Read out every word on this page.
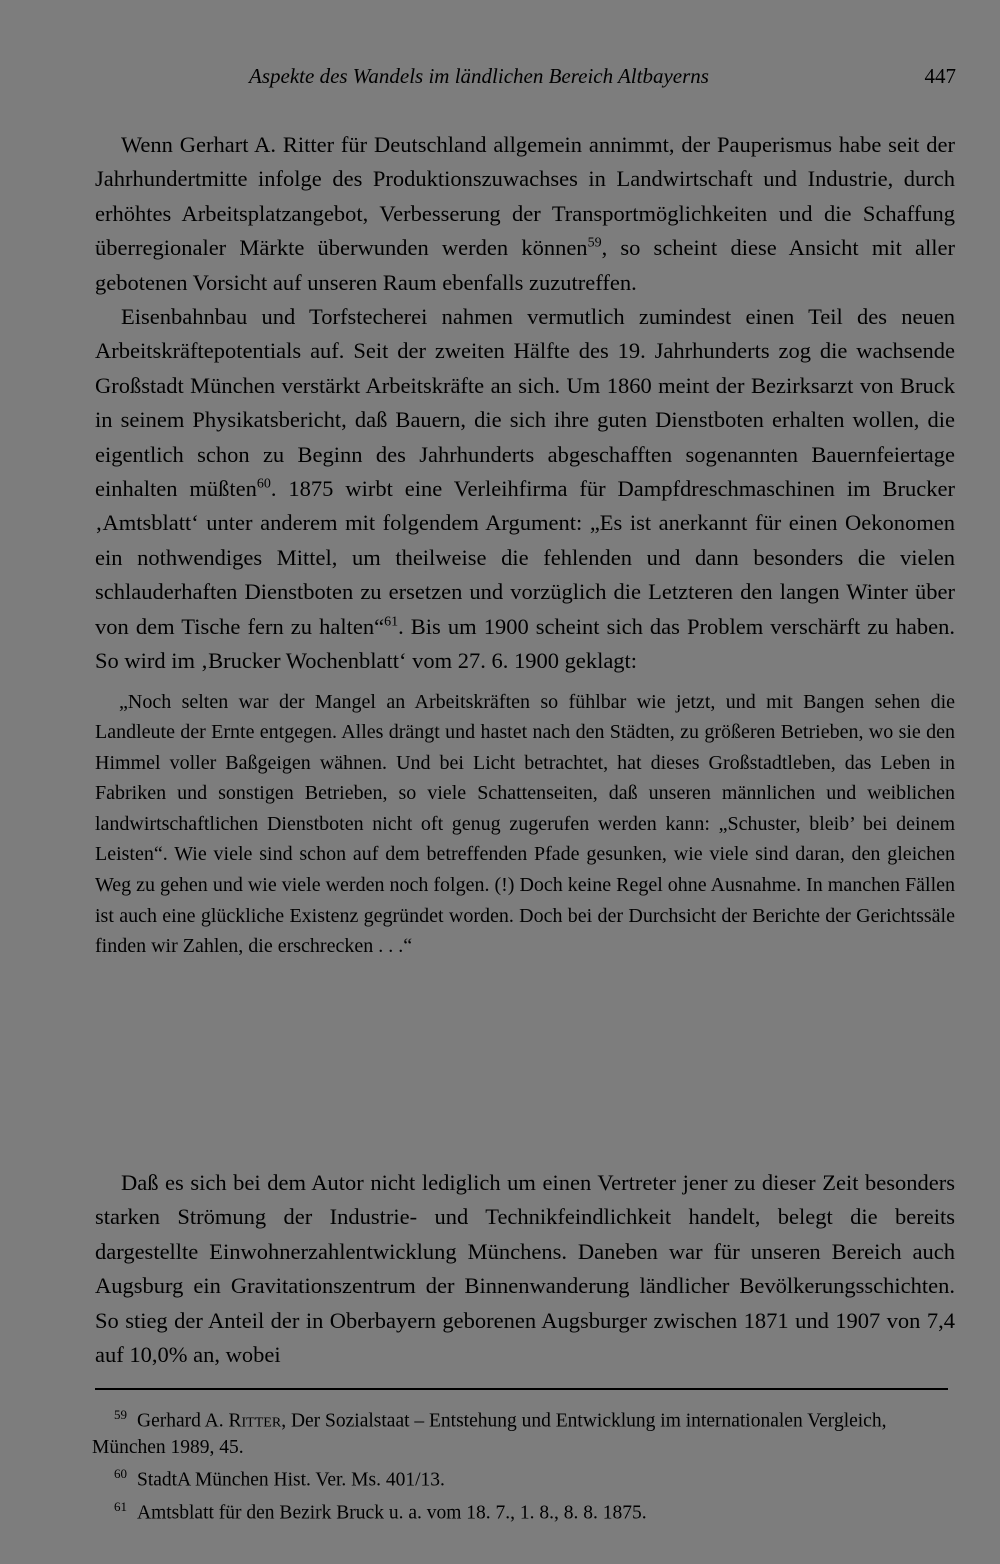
Aspekte des Wandels im ländlichen Bereich Altbayerns	447

Wenn Gerhart A. Ritter für Deutschland allgemein annimmt, der Pauperismus habe seit der Jahrhundertmitte infolge des Produktionszuwachses in Landwirtschaft und Industrie, durch erhöhtes Arbeitsplatzangebot, Verbesserung der Transportmöglichkeiten und die Schaffung überregionaler Märkte überwunden werden können$^{59}$, so scheint diese Ansicht mit aller gebotenen Vorsicht auf unseren Raum ebenfalls zuzutreffen.

Eisenbahnbau und Torfstecherei nahmen vermutlich zumindest einen Teil des neuen Arbeitskräftepotentials auf. Seit der zweiten Hälfte des 19. Jahrhunderts zog die wachsende Großstadt München verstärkt Arbeitskräfte an sich. Um 1860 meint der Bezirksarzt von Bruck in seinem Physikatsbericht, daß Bauern, die sich ihre guten Dienstboten erhalten wollen, die eigentlich schon zu Beginn des Jahrhunderts abgeschafften sogenannten Bauernfeiertage einhalten müßten$^{60}$. 1875 wirbt eine Verleihfirma für Dampfdreschmaschinen im Brucker ‚Amtsblatt‘ unter anderem mit folgendem Argument: „Es ist anerkannt für einen Oekonomen ein nothwendiges Mittel, um theilweise die fehlenden und dann besonders die vielen schlauderhaften Dienstboten zu ersetzen und vorzüglich die Letzteren den langen Winter über von dem Tische fern zu halten“$^{61}$. Bis um 1900 scheint sich das Problem verschärft zu haben. So wird im ‚Brucker Wochenblatt‘ vom 27. 6. 1900 geklagt:

„Noch selten war der Mangel an Arbeitskräften so fühlbar wie jetzt, und mit Bangen sehen die Landleute der Ernte entgegen. Alles drängt und hastet nach den Städten, zu größeren Betrieben, wo sie den Himmel voller Baßgeigen wähnen. Und bei Licht betrachtet, hat dieses Großstadtleben, das Leben in Fabriken und sonstigen Betrieben, so viele Schattenseiten, daß unseren männlichen und weiblichen landwirtschaftlichen Dienstboten nicht oft genug zugerufen werden kann: „Schuster, bleib’ bei deinem Leisten“. Wie viele sind schon auf dem betreffenden Pfade gesunken, wie viele sind daran, den gleichen Weg zu gehen und wie viele werden noch folgen. (!) Doch keine Regel ohne Ausnahme. In manchen Fällen ist auch eine glückliche Existenz gegründet worden. Doch bei der Durchsicht der Berichte der Gerichtssäle finden wir Zahlen, die erschrecken . . .“

Daß es sich bei dem Autor nicht lediglich um einen Vertreter jener zu dieser Zeit besonders starken Strömung der Industrie- und Technikfeindlichkeit handelt, belegt die bereits dargestellte Einwohnerzahlentwicklung Münchens. Daneben war für unseren Bereich auch Augsburg ein Gravitationszentrum der Binnenwanderung ländlicher Bevölkerungsschichten. So stieg der Anteil der in Oberbayern geborenen Augsburger zwischen 1871 und 1907 von 7,4 auf 10,0% an, wobei

$^{59}$ Gerhard A. Ritter, Der Sozialstaat – Entstehung und Entwicklung im internationalen Vergleich, München 1989, 45.

$^{60}$ StadtA München Hist. Ver. Ms. 401/13.

$^{61}$ Amtsblatt für den Bezirk Bruck u. a. vom 18. 7., 1. 8., 8. 8. 1875.
